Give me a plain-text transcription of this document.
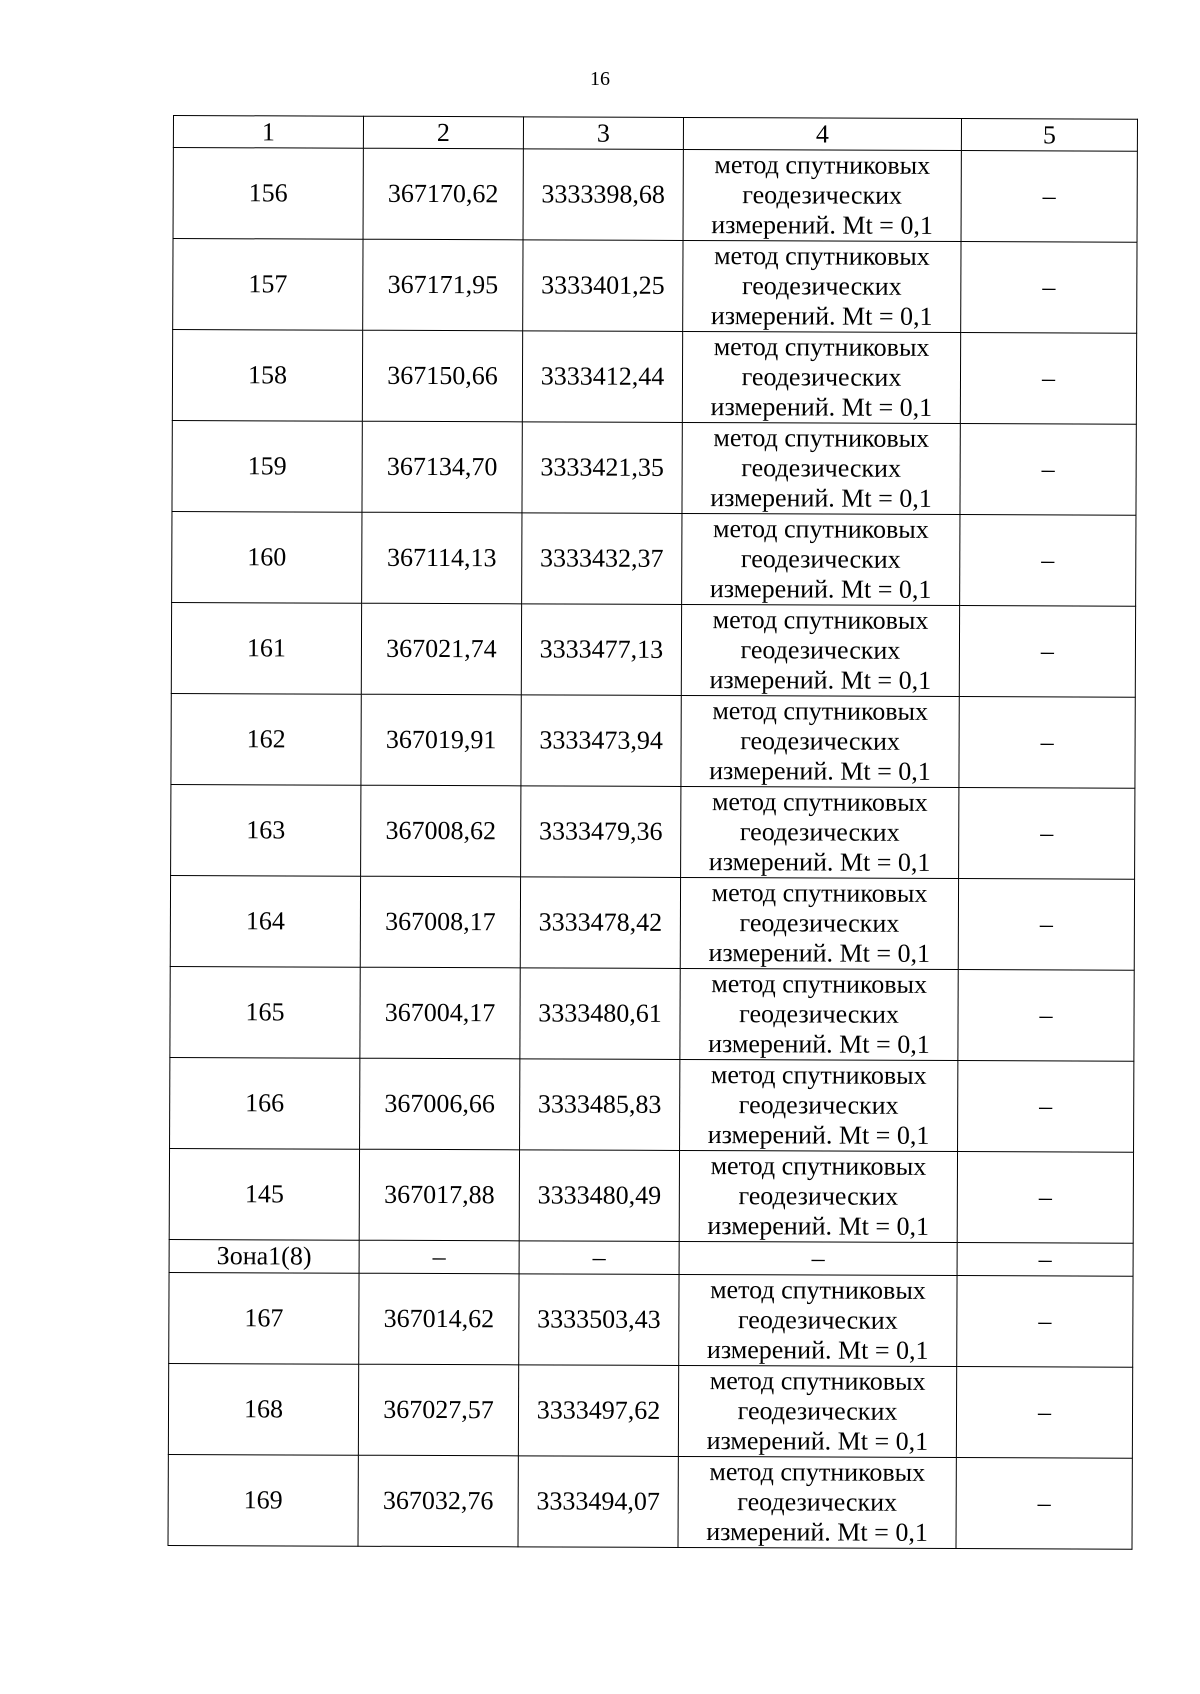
16
1	2	3	4	5
156	367170,62	3333398,68	метод спутниковых
геодезических
измерений. Mt = 0,1	–
157	367171,95	3333401,25	метод спутниковых
геодезических
измерений. Mt = 0,1	–
158	367150,66	3333412,44	метод спутниковых
геодезических
измерений. Mt = 0,1	–
159	367134,70	3333421,35	метод спутниковых
геодезических
измерений. Mt = 0,1	–
160	367114,13	3333432,37	метод спутниковых
геодезических
измерений. Mt = 0,1	–
161	367021,74	3333477,13	метод спутниковых
геодезических
измерений. Mt = 0,1	–
162	367019,91	3333473,94	метод спутниковых
геодезических
измерений. Mt = 0,1	–
163	367008,62	3333479,36	метод спутниковых
геодезических
измерений. Mt = 0,1	–
164	367008,17	3333478,42	метод спутниковых
геодезических
измерений. Mt = 0,1	–
165	367004,17	3333480,61	метод спутниковых
геодезических
измерений. Mt = 0,1	–
166	367006,66	3333485,83	метод спутниковых
геодезических
измерений. Mt = 0,1	–
145	367017,88	3333480,49	метод спутниковых
геодезических
измерений. Mt = 0,1	–
Зона1(8)	–	–	–	–
167	367014,62	3333503,43	метод спутниковых
геодезических
измерений. Mt = 0,1	–
168	367027,57	3333497,62	метод спутниковых
геодезических
измерений. Mt = 0,1	–
169	367032,76	3333494,07	метод спутниковых
геодезических
измерений. Mt = 0,1	–
